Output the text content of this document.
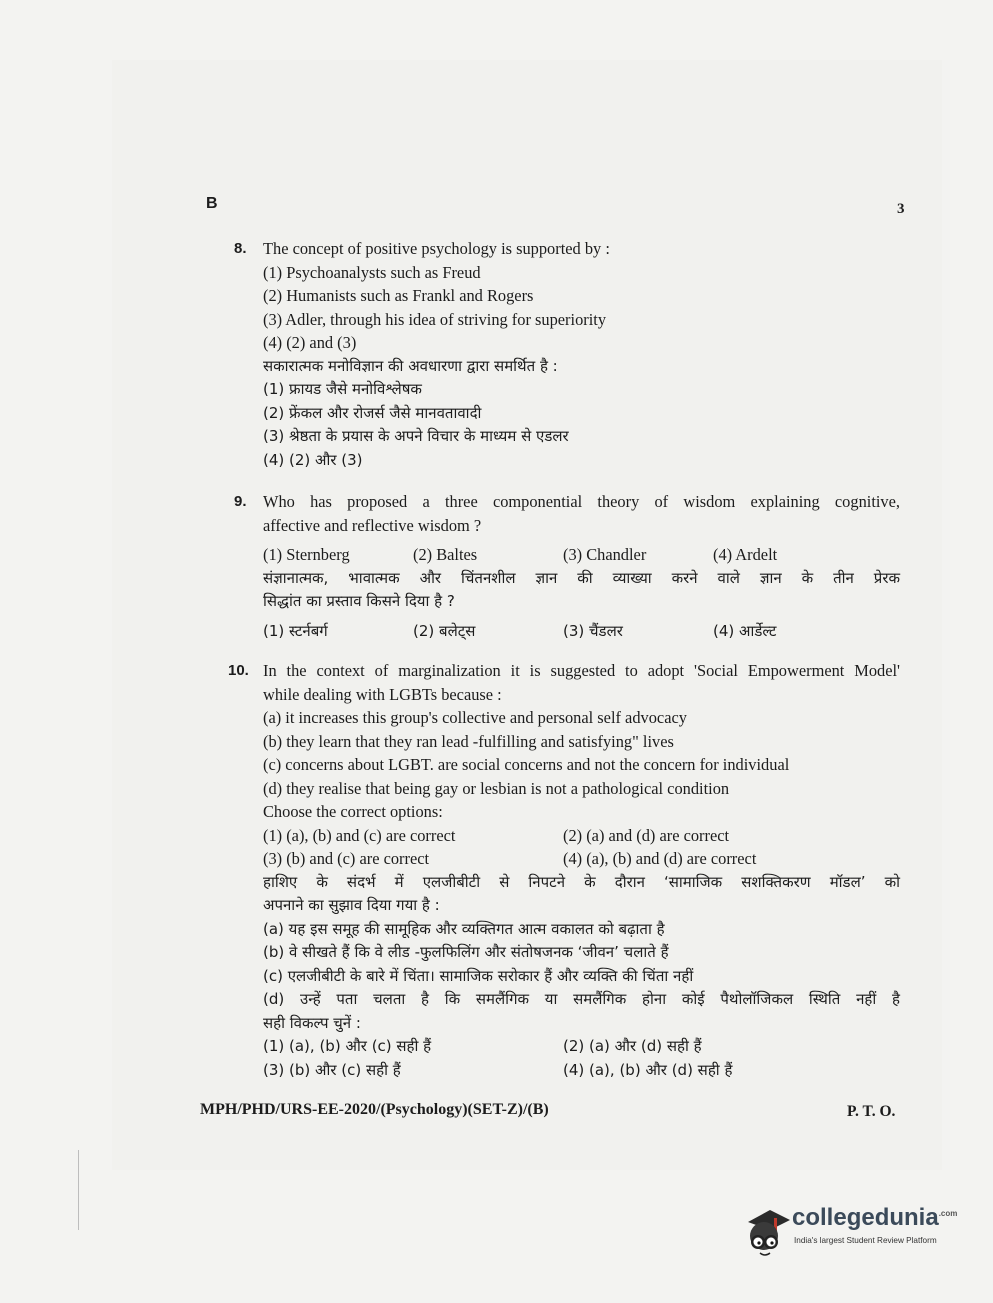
B	3
8. The concept of positive psychology is supported by :
(1) Psychoanalysts such as Freud
(2) Humanists such as Frankl and Rogers
(3) Adler, through his idea of striving for superiority
(4) (2) and (3)
सकारात्मक मनोविज्ञान की अवधारणा द्वारा समर्थित है :
(1) फ्रायड जैसे मनोविश्लेषक
(2) फ्रेंकल और रोजर्स जैसे मानवतावादी
(3) श्रेष्ठता के प्रयास के अपने विचार के माध्यम से एडलर
(4) (2) और (3)
9. Who has proposed a three componential theory of wisdom explaining cognitive,
affective and reflective wisdom ?
(1) Sternberg	(2) Baltes	(3) Chandler	(4) Ardelt
संज्ञानात्मक, भावात्मक और चिंतनशील ज्ञान की व्याख्या करने वाले ज्ञान के तीन प्रेरक
सिद्धांत का प्रस्ताव किसने दिया है ?
(1) स्टर्नबर्ग	(2) बलेट्स	(3) चैंडलर	(4) आर्डेल्ट
10. In the context of marginalization it is suggested to adopt 'Social Empowerment Model'
while dealing with LGBTs because :
(a) it increases this group's collective and personal self advocacy
(b) they learn that they ran lead -fulfilling and satisfying" lives
(c) concerns about LGBT. are social concerns and not the concern for individual
(d) they realise that being gay or lesbian is not a pathological condition
Choose the correct options:
(1) (a), (b) and (c) are correct	(2) (a) and (d) are correct
(3) (b) and (c) are correct	(4) (a), (b) and (d) are correct
हाशिए के संदर्भ में एलजीबीटी से निपटने के दौरान ‘सामाजिक सशक्तिकरण मॉडल’ को
अपनाने का सुझाव दिया गया है :
(a) यह इस समूह की सामूहिक और व्यक्तिगत आत्म वकालत को बढ़ाता है
(b) वे सीखते हैं कि वे लीड -फुलफिलिंग और संतोषजनक ‘जीवन’ चलाते हैं
(c) एलजीबीटी के बारे में चिंता। सामाजिक सरोकार हैं और व्यक्ति की चिंता नहीं
(d) उन्हें पता चलता है कि समलैंगिक या समलैंगिक होना कोई पैथोलॉजिकल स्थिति नहीं है
सही विकल्प चुनें :
(1) (a), (b) और (c) सही हैं	(2) (a) और (d) सही हैं
(3) (b) और (c) सही हैं	(4) (a), (b) और (d) सही हैं
MPH/PHD/URS-EE-2020/(Psychology)(SET-Z)/(B)	P. T. O.
collegedunia$^{.com}$
India's largest Student Review Platform
